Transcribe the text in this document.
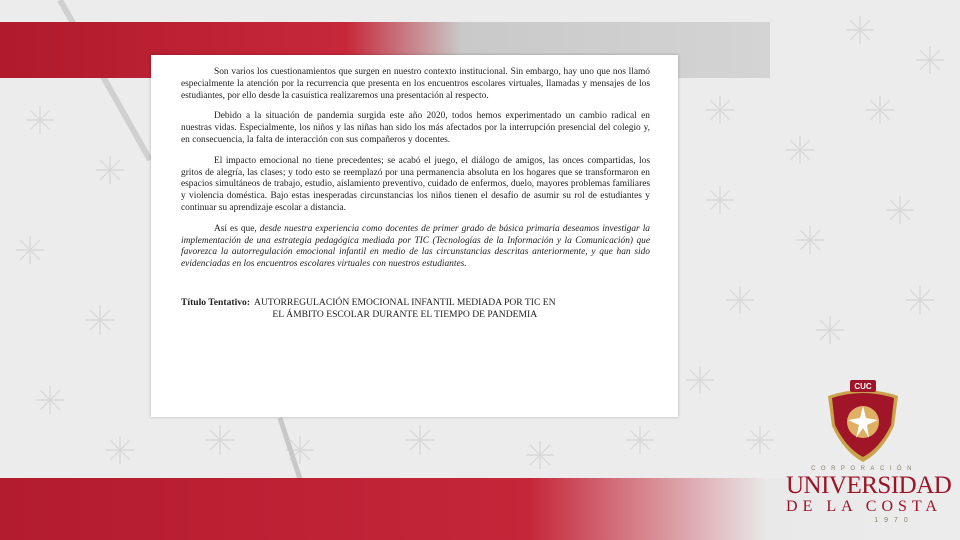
Son varios los cuestionamientos que surgen en nuestro contexto institucional. Sin embargo, hay uno que nos llamó especialmente la atención por la recurrencia que presenta en los encuentros escolares virtuales, llamadas y mensajes de los estudiantes, por ello desde la casuística realizaremos una presentación al respecto.

Debido a la situación de pandemia surgida este año 2020, todos hemos experimentado un cambio radical en nuestras vidas. Especialmente, los niños y las niñas han sido los más afectados por la interrupción presencial del colegio y, en consecuencia, la falta de interacción con sus compañeros y docentes.

El impacto emocional no tiene precedentes; se acabó el juego, el diálogo de amigos, las onces compartidas, los gritos de alegría, las clases; y todo esto se reemplazó por una permanencia absoluta en los hogares que se transformaron en espacios simultáneos de trabajo, estudio, aislamiento preventivo, cuidado de enfermos, duelo, mayores problemas familiares y violencia doméstica. Bajo estas inesperadas circunstancias los niños tienen el desafío de asumir su rol de estudiantes y continuar su aprendizaje escolar a distancia.

Así es que, desde nuestra experiencia como docentes de primer grado de básica primaria deseamos investigar la implementación de una estrategia pedagógica mediada por TIC (Tecnologías de la Información y la Comunicación) que favorezca la autorregulación emocional infantil en medio de las circunstancias descritas anteriormente, y que han sido evidenciadas en los encuentros escolares virtuales con nuestros estudiantes.

Título Tentativo: AUTORREGULACIÓN EMOCIONAL INFANTIL MEDIADA POR TIC EN
EL ÁMBITO ESCOLAR DURANTE EL TIEMPO DE PANDEMIA
CUC
CORPORACIÓN
UNIVERSIDAD
DE LA COSTA
1970
